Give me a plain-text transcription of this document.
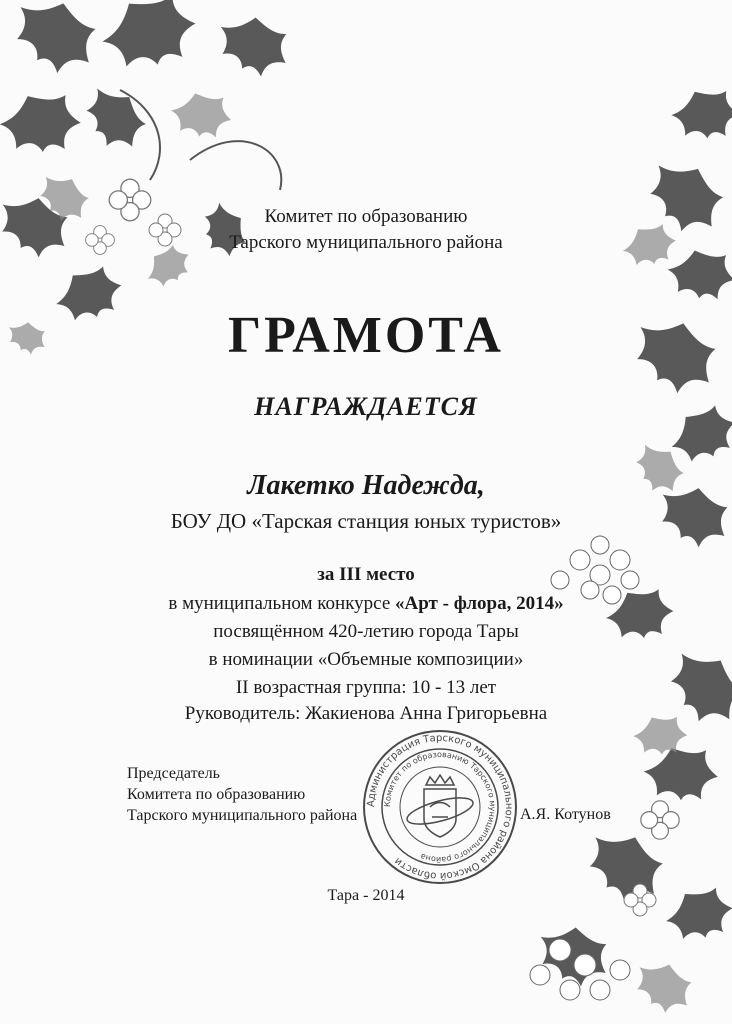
Комитет по образованию
Тарского муниципального района
ГРАМОТА
НАГРАЖДАЕТСЯ
Лакетко Надежда,
БОУ ДО «Тарская станция юных туристов»
за III место
в муниципальном конкурсе «Арт - флора, 2014»
посвящённом 420-летию города Тары
в номинации «Объемные композиции»
II возрастная группа: 10 - 13 лет
Руководитель: Жакиенова Анна Григорьевна
Председатель
Комитета по образованию
Тарского муниципального района
Администрация Тарского муниципального района Омской области
Комитет по образованию Тарского муниципального района
А.Я. Котунов
Тара - 2014
